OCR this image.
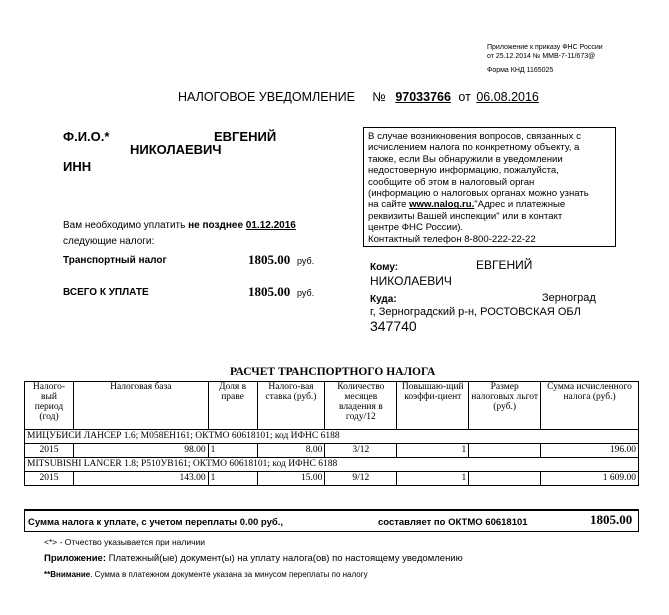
Приложение к приказу ФНС России
от 25.12.2014 № ММВ-7-11/673@
Форма КНД 1165025
НАЛОГОВОЕ УВЕДОМЛЕНИЕ № 97033766 от 06.08.2016
Ф.И.О.*	ЕВГЕНИЙ
НИКОЛАЕВИЧ
ИНН
В случае возникновения вопросов, связанных с
исчислением налога по конкретному объекту, а
также, если Вы обнаружили в уведомлении
недостоверную информацию, пожалуйста,
сообщите об этом в налоговый орган
(информацию о налоговых органах можно узнать
на сайте www.nalog.ru."Адрес и платежные
реквизиты Вашей инспекции" или в контакт
центре ФНС России).
Контактный телефон 8-800-222-22-22
Вам необходимо уплатить не позднее 01.12.2016
следующие налоги:
Транспортный налог	1805.00 руб.
ВСЕГО К УПЛАТЕ	1805.00 руб.
Кому:	ЕВГЕНИЙ
НИКОЛАЕВИЧ
Куда:	Зерноград
г, Зерноградский р-н, РОСТОВСКАЯ ОБЛ
347740
РАСЧЕТ ТРАНСПОРТНОГО НАЛОГА
Налого-вый период (год)	Налоговая база	Доля в праве	Налого-вая ставка (руб.)	Количество месяцев владения в году/12	Повышаю-щий коэффи-циент	Размер налоговых льгот (руб.)	Сумма исчисленного налога (руб.)
МИЦУБИСИ ЛАНСЕР 1.6; М058ЕН161; ОКТМО 60618101; код ИФНС 6188							
2015	98.00	1	8.00	3/12	1		196.00
MITSUBISHI LANCER 1.8; Р510УВ161; ОКТМО 60618101; код ИФНС 6188							
2015	143.00	1	15.00	9/12	1		1 609.00
Сумма налога к уплате, с учетом переплаты 0.00 руб.,	составляет по ОКТМО 60618101	1805.00
<*> - Отчество указывается при наличии
Приложение: Платежный(ые) документ(ы) на уплату налога(ов) по настоящему уведомлению
**Внимание. Сумма в платежном документе указана за минусом переплаты по налогу
